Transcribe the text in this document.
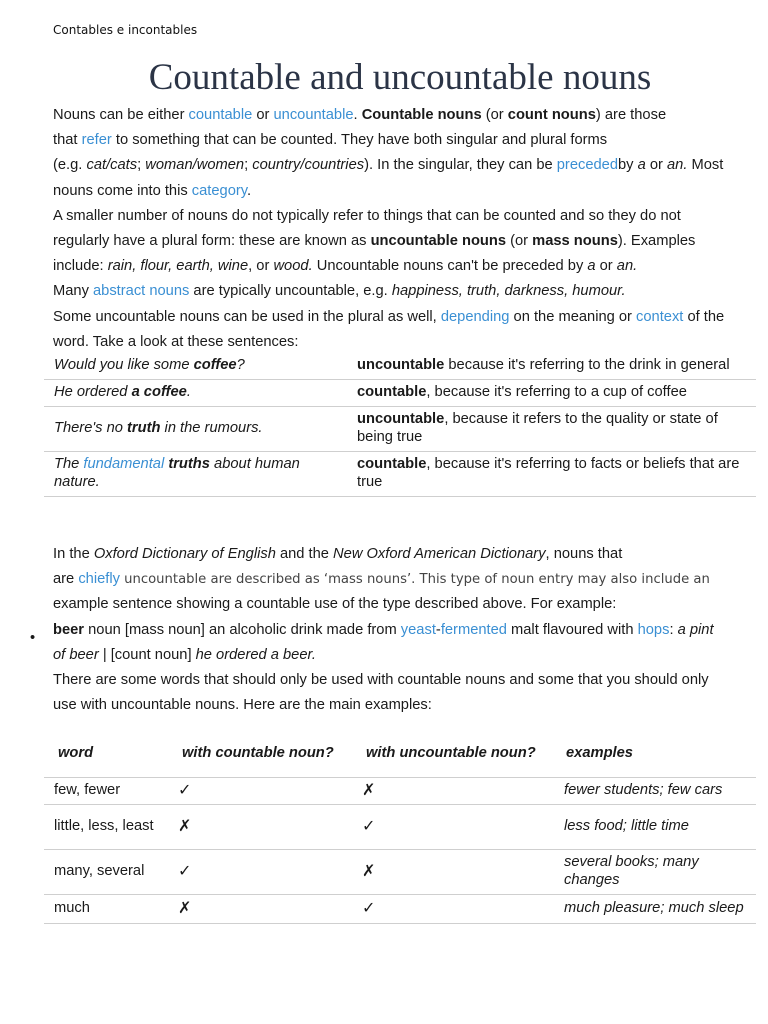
Contables e incontables
Countable and uncountable nouns
Nouns can be either countable or uncountable. Countable nouns (or count nouns) are those
that refer to something that can be counted. They have both singular and plural forms
(e.g. cat/cats; woman/women; country/countries). In the singular, they can be precededby a or an. Most
nouns come into this category.
A smaller number of nouns do not typically refer to things that can be counted and so they do not
regularly have a plural form: these are known as uncountable nouns (or mass nouns). Examples
include: rain, flour, earth, wine, or wood. Uncountable nouns can't be preceded by a or an.
Many abstract nouns are typically uncountable, e.g. happiness, truth, darkness, humour.
Some uncountable nouns can be used in the plural as well, depending on the meaning or context of the
word. Take a look at these sentences:
Would you like some coffee?	uncountable because it's referring to the drink in general
He ordered a coffee.	countable, because it's referring to a cup of coffee
There's no truth in the rumours.	uncountable, because it refers to the quality or state of being true
The fundamental truths about human nature.	countable, because it's referring to facts or beliefs that are true
In the Oxford Dictionary of English and the New Oxford American Dictionary, nouns that
are chiefly uncountable are described as ‘mass nouns’. This type of noun entry may also include an
example sentence showing a countable use of the type described above. For example:
• beer noun [mass noun] an alcoholic drink made from yeast-fermented malt flavoured with hops: a pint
of beer | [count noun] he ordered a beer.
There are some words that should only be used with countable nouns and some that you should only
use with uncountable nouns. Here are the main examples:
word	with countable noun?	with uncountable noun?	examples
few, fewer	✓	✗	fewer students; few cars
little, less, least	✗	✓	less food; little time
many, several	✓	✗	several books; many changes
much	✗	✓	much pleasure; much sleep
